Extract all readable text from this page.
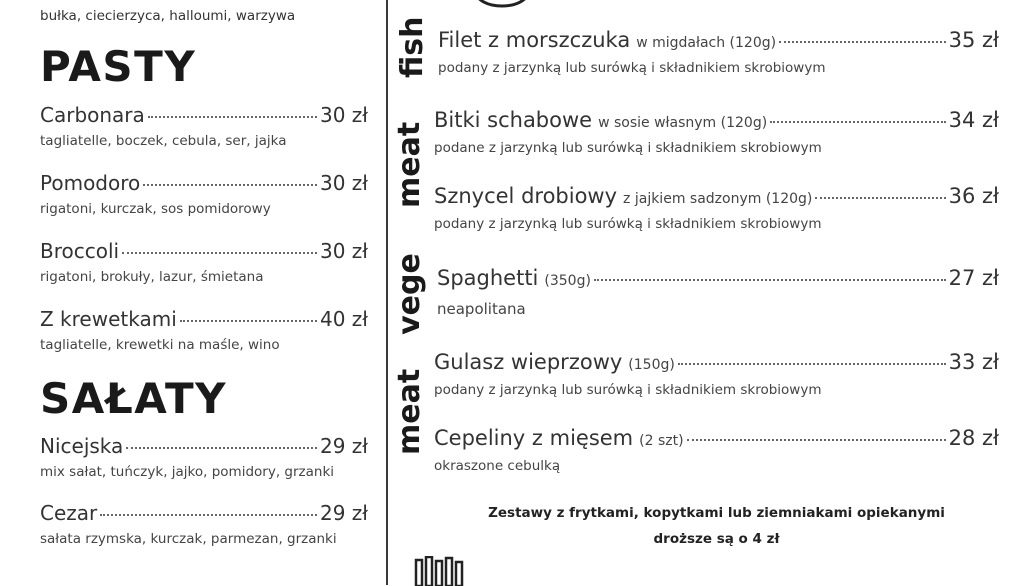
bułka, ciecierzyca, halloumi, warzywa
PASTY
Carbonara	30 zł
tagliatelle, boczek, cebula, ser, jajka
Pomodoro	30 zł
rigatoni, kurczak, sos pomidorowy
Broccoli	30 zł
rigatoni, brokuły, lazur, śmietana
Z krewetkami	40 zł
tagliatelle, krewetki na maśle, wino
SAŁATY
Nicejska	29 zł
mix sałat, tuńczyk, jajko, pomidory, grzanki
Cezar	29 zł
sałata rzymska, kurczak, parmezan, grzanki
fish
meat
vege
meat
Filet z morszczuka w migdałach (120g)	35 zł
podany z jarzynką lub surówką i składnikiem skrobiowym
Bitki schabowe w sosie własnym (120g)	34 zł
podane z jarzynką lub surówką i składnikiem skrobiowym
Sznycel drobiowy z jajkiem sadzonym (120g)	36 zł
podany z jarzynką lub surówką i składnikiem skrobiowym
Spaghetti (350g)	27 zł
neapolitana
Gulasz wieprzowy (150g)	33 zł
podany z jarzynką lub surówką i składnikiem skrobiowym
Cepeliny z mięsem (2 szt)	28 zł
okraszone cebulką
Zestawy z frytkami, kopytkami lub ziemniakami opiekanymi
droższe są o 4 zł
